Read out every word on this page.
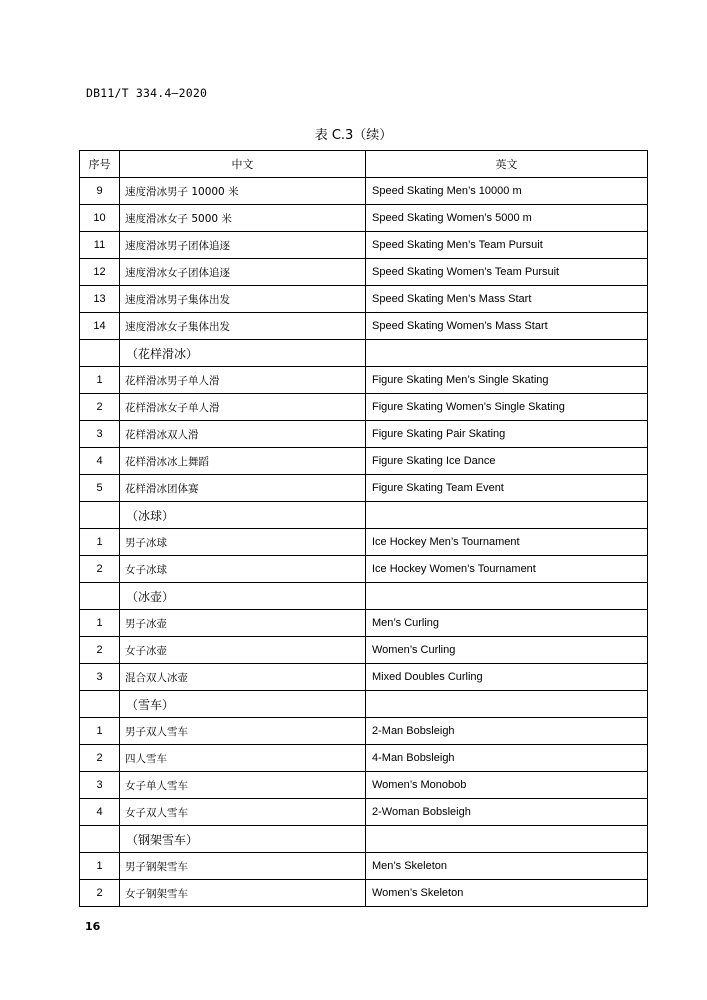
DB11/T 334.4—2020
表 C.3（续）
序号	中文	英文
9	速度滑冰男子 10000 米	Speed Skating Men’s 10000 m
10	速度滑冰女子 5000 米	Speed Skating Women’s 5000 m
11	速度滑冰男子团体追逐	Speed Skating Men’s Team Pursuit
12	速度滑冰女子团体追逐	Speed Skating Women’s Team Pursuit
13	速度滑冰男子集体出发	Speed Skating Men’s Mass Start
14	速度滑冰女子集体出发	Speed Skating Women’s Mass Start
	（花样滑冰）	
1	花样滑冰男子单人滑	Figure Skating Men’s Single Skating
2	花样滑冰女子单人滑	Figure Skating Women’s Single Skating
3	花样滑冰双人滑	Figure Skating Pair Skating
4	花样滑冰冰上舞蹈	Figure Skating Ice Dance
5	花样滑冰团体赛	Figure Skating Team Event
	（冰球）	
1	男子冰球	Ice Hockey Men’s Tournament
2	女子冰球	Ice Hockey Women’s Tournament
	（冰壶）	
1	男子冰壶	Men’s Curling
2	女子冰壶	Women’s Curling
3	混合双人冰壶	Mixed Doubles Curling
	（雪车）	
1	男子双人雪车	2-Man Bobsleigh
2	四人雪车	4-Man Bobsleigh
3	女子单人雪车	Women’s Monobob
4	女子双人雪车	2-Woman Bobsleigh
	（钢架雪车）	
1	男子钢架雪车	Men’s Skeleton
2	女子钢架雪车	Women’s Skeleton
16
